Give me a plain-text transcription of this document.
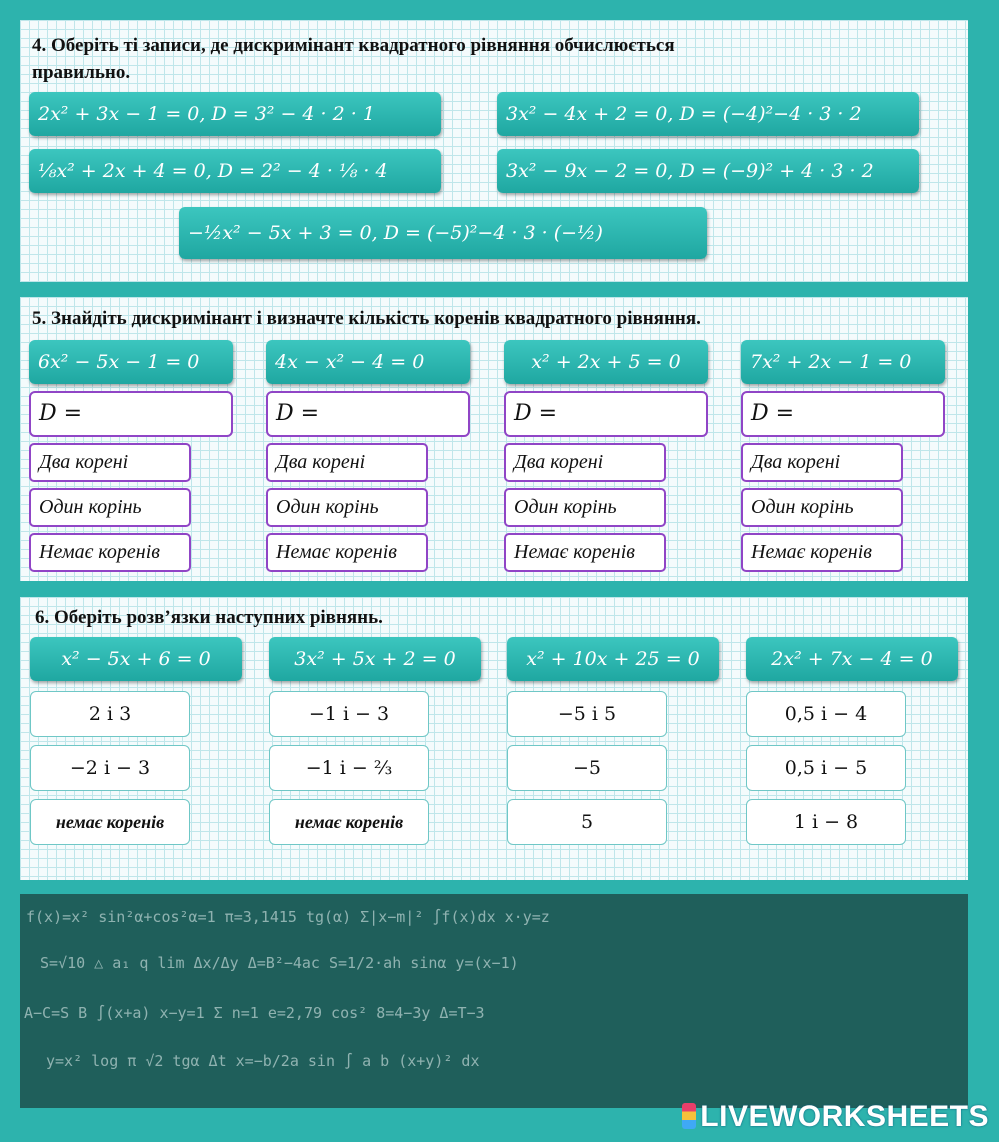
4. Оберіть ті записи, де дискримінант квадратного рівняння обчислюється
правильно.
2x² + 3x − 1 = 0, D = 3² − 4 · 2 · 1	3x² − 4x + 2 = 0, D = (−4)²−4 · 3 · 2
⅛x² + 2x + 4 = 0, D = 2² − 4 · ⅛ · 4	3x² − 9x − 2 = 0, D = (−9)² + 4 · 3 · 2
−½x² − 5x + 3 = 0, D = (−5)²−4 · 3 · (−½)
5. Знайдіть дискримінант і визначте кількість коренів квадратного рівняння.
6x² − 5x − 1 = 0
D =
Два корені
Один корінь
Немає коренів
4x − x² − 4 = 0
D =
Два корені
Один корінь
Немає коренів
x² + 2x + 5 = 0
D =
Два корені
Один корінь
Немає коренів
7x² + 2x − 1 = 0
D =
Два корені
Один корінь
Немає коренів
6. Оберіть розв’язки наступних рівнянь.
x² − 5x + 6 = 0
2 і 3
−2 і − 3
немає коренів
3x² + 5x + 2 = 0
−1 і − 3
−1 і − ⅔
немає коренів
x² + 10x + 25 = 0
−5 і 5
−5
5
2x² + 7x − 4 = 0
0,5 і − 4
0,5 і − 5
1 і − 8
f(x)=x² sin²α+cos²α=1 π=3,1415 tg(α) Σ|x−m|² ∫f(x)dx x·y=z
S=√10 △ a₁ q lim Δx/Δy Δ=B²−4ac S=1/2·ah sinα y=(x−1)
A−C=S B ∫(x+a) x−y=1 Σ n=1 e=2,79 cos² 8=4−3y Δ=T−3
y=x² log π √2 tgα Δt x=−b/2a sin ∫ a b (x+y)² dx
LIVEWORKSHEETS
